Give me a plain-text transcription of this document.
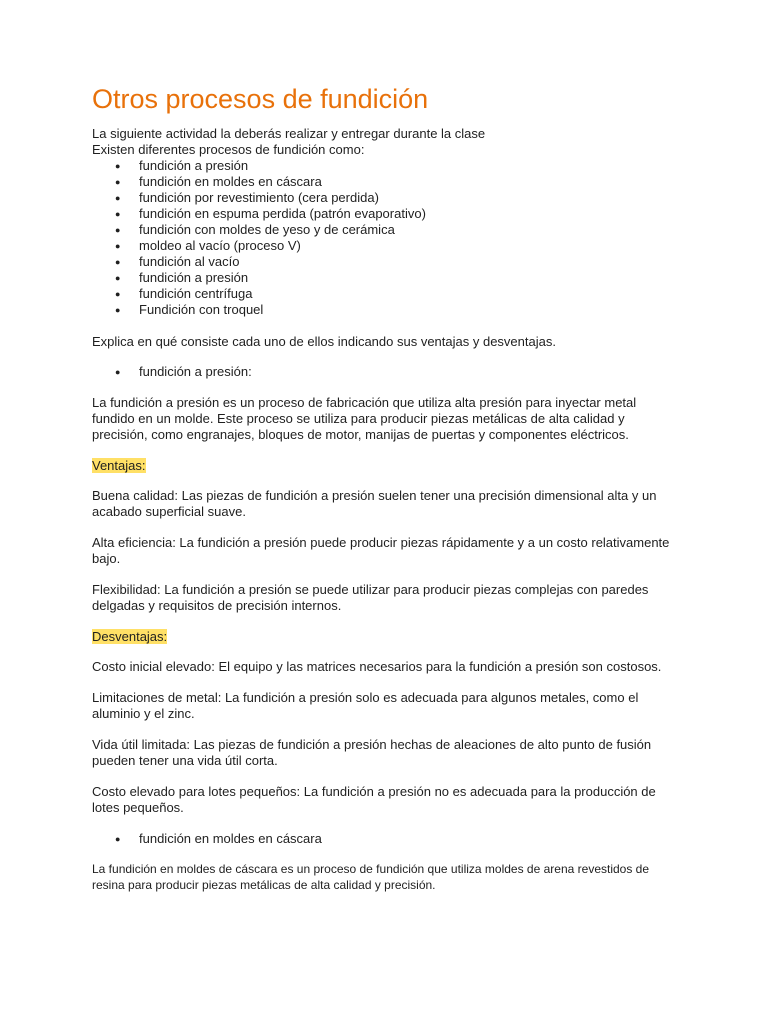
Otros procesos de fundición
La siguiente actividad la deberás realizar y entregar durante la clase
Existen diferentes procesos de fundición como:
● fundición a presión
● fundición en moldes en cáscara
● fundición por revestimiento (cera perdida)
● fundición en espuma perdida (patrón evaporativo)
● fundición con moldes de yeso y de cerámica
● moldeo al vacío (proceso V)
● fundición al vacío
● fundición a presión
● fundición centrífuga
● Fundición con troquel
Explica en qué consiste cada uno de ellos indicando sus ventajas y desventajas.
● fundición a presión:
La fundición a presión es un proceso de fabricación que utiliza alta presión para inyectar metal
fundido en un molde. Este proceso se utiliza para producir piezas metálicas de alta calidad y
precisión, como engranajes, bloques de motor, manijas de puertas y componentes eléctricos.
Ventajas:
Buena calidad: Las piezas de fundición a presión suelen tener una precisión dimensional alta y un
acabado superficial suave.
Alta eficiencia: La fundición a presión puede producir piezas rápidamente y a un costo relativamente
bajo.
Flexibilidad: La fundición a presión se puede utilizar para producir piezas complejas con paredes
delgadas y requisitos de precisión internos.
Desventajas:
Costo inicial elevado: El equipo y las matrices necesarios para la fundición a presión son costosos.
Limitaciones de metal: La fundición a presión solo es adecuada para algunos metales, como el
aluminio y el zinc.
Vida útil limitada: Las piezas de fundición a presión hechas de aleaciones de alto punto de fusión
pueden tener una vida útil corta.
Costo elevado para lotes pequeños: La fundición a presión no es adecuada para la producción de
lotes pequeños.
● fundición en moldes en cáscara
La fundición en moldes de cáscara es un proceso de fundición que utiliza moldes de arena revestidos de
resina para producir piezas metálicas de alta calidad y precisión.
